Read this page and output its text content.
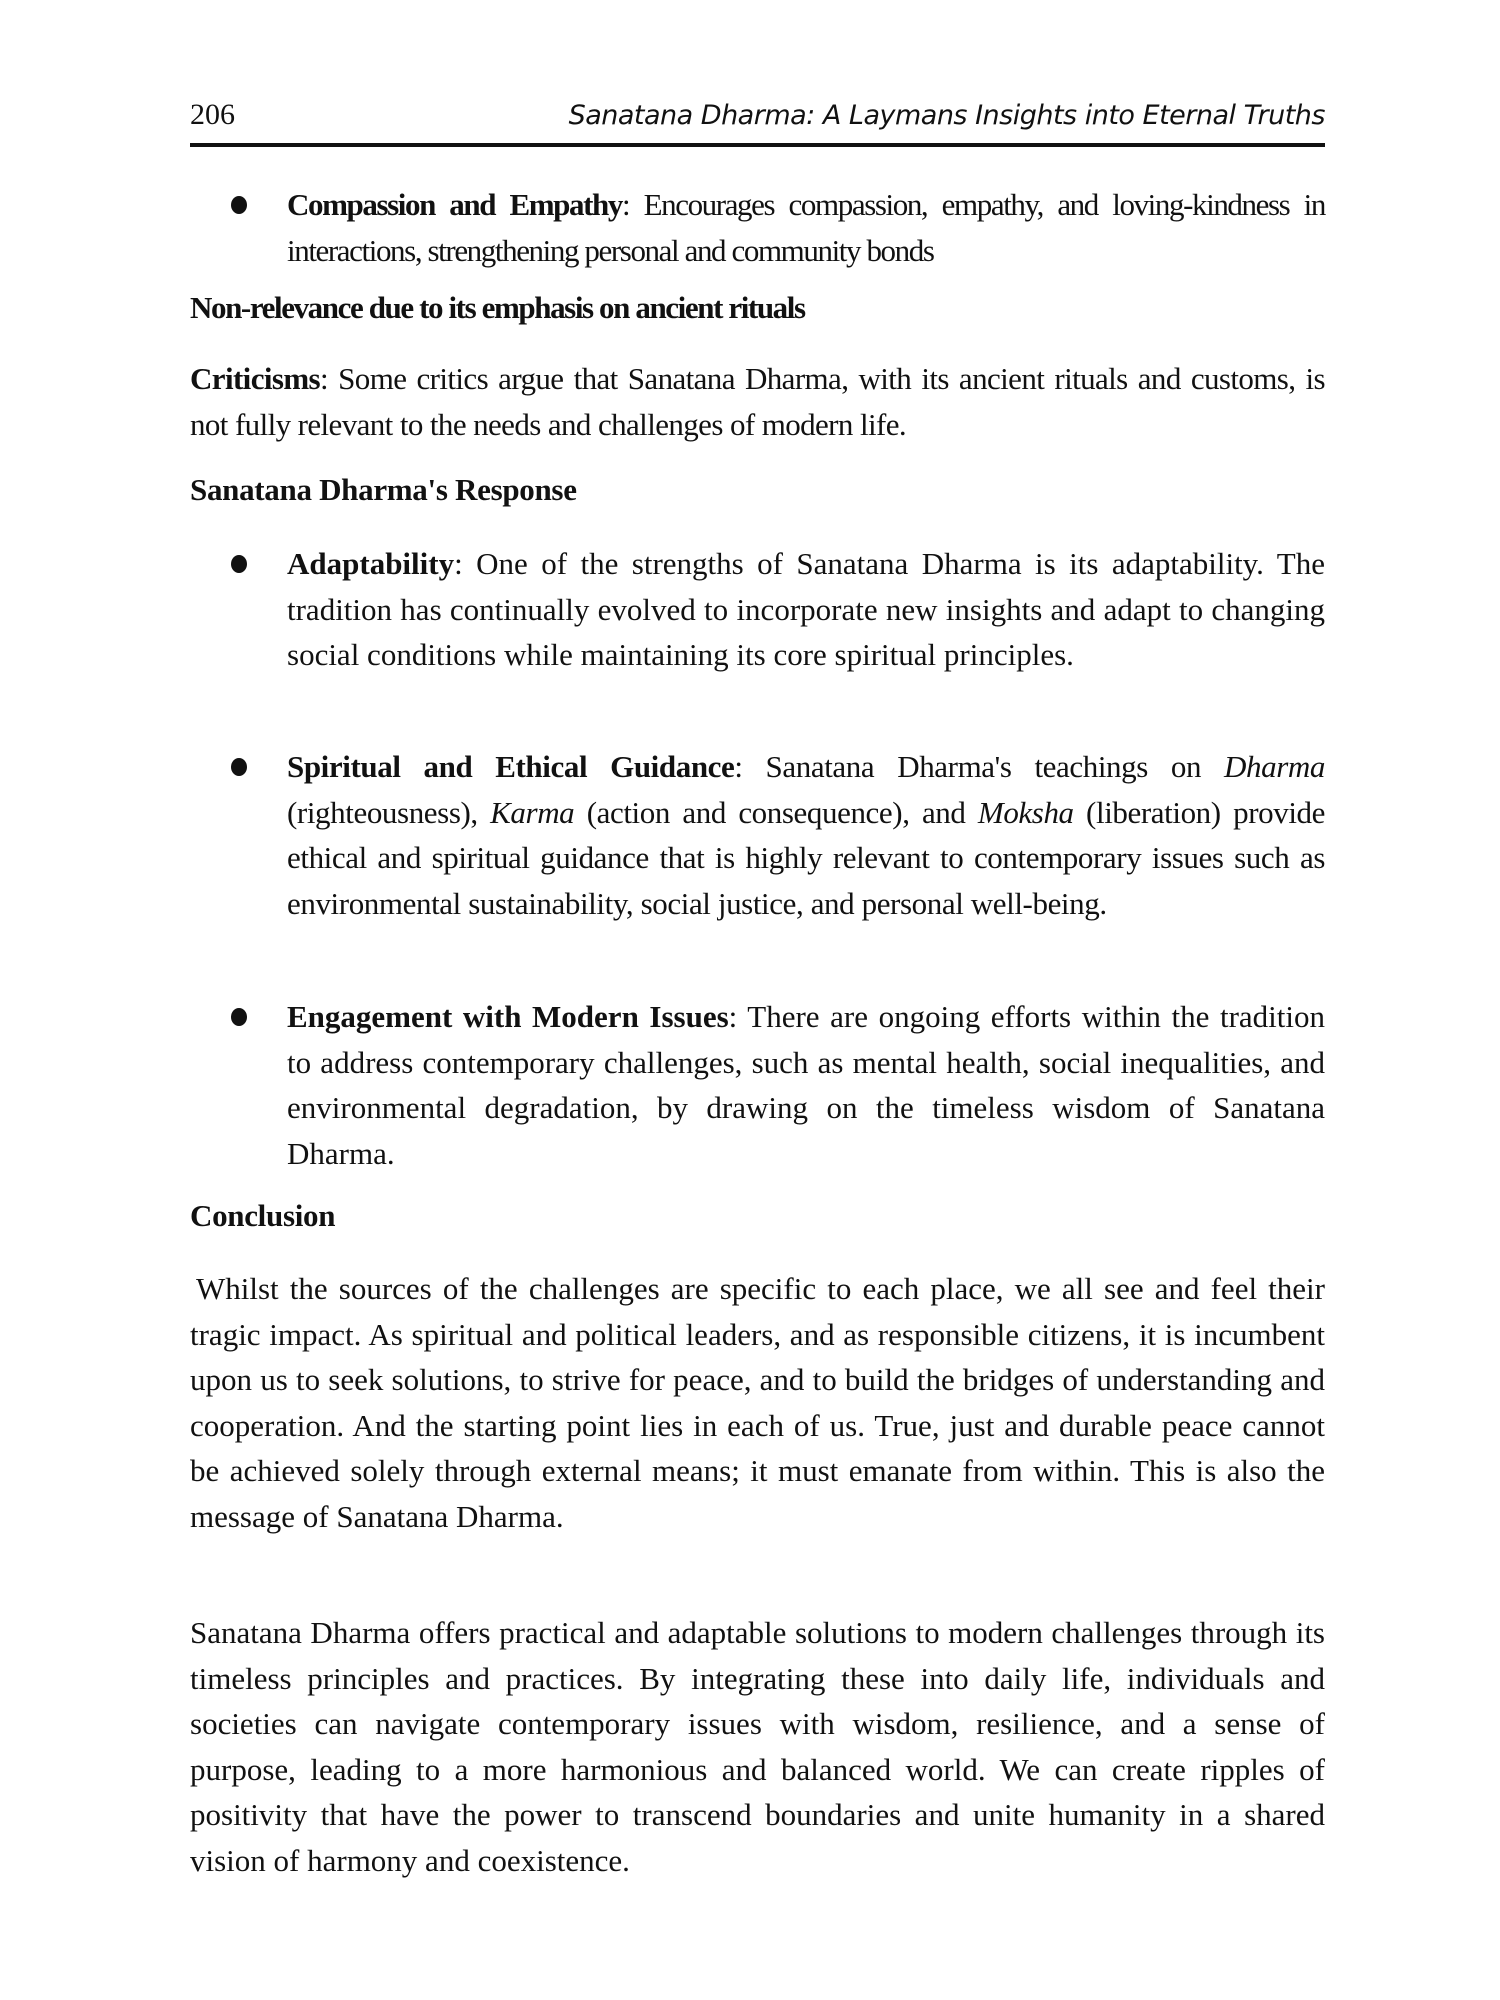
206	Sanatana Dharma: A Laymans Insights into Eternal Truths
Compassion and Empathy: Encourages compassion, empathy, and loving-kindness in interactions, strengthening personal and community bonds
Non-relevance due to its emphasis on ancient rituals
Criticisms: Some critics argue that Sanatana Dharma, with its ancient rituals and customs, is not fully relevant to the needs and challenges of modern life.
Sanatana Dharma's Response
Adaptability: One of the strengths of Sanatana Dharma is its adaptability. The tradition has continually evolved to incorporate new insights and adapt to changing social conditions while maintaining its core spiritual principles.
Spiritual and Ethical Guidance: Sanatana Dharma's teachings on Dharma (righteousness), Karma (action and consequence), and Moksha (liberation) provide ethical and spiritual guidance that is highly relevant to contemporary issues such as environmental sustainability, social justice, and personal well-being.
Engagement with Modern Issues: There are ongoing efforts within the tradition to address contemporary challenges, such as mental health, social inequalities, and environmental degradation, by drawing on the timeless wisdom of Sanatana Dharma.
Conclusion
Whilst the sources of the challenges are specific to each place, we all see and feel their tragic impact. As spiritual and political leaders, and as responsible citizens, it is incumbent upon us to seek solutions, to strive for peace, and to build the bridges of understanding and cooperation. And the starting point lies in each of us. True, just and durable peace cannot be achieved solely through external means; it must emanate from within. This is also the message of Sanatana Dharma.
Sanatana Dharma offers practical and adaptable solutions to modern challenges through its timeless principles and practices. By integrating these into daily life, individuals and societies can navigate contemporary issues with wisdom, resilience, and a sense of purpose, leading to a more harmonious and balanced world. We can create ripples of positivity that have the power to transcend boundaries and unite humanity in a shared vision of harmony and coexistence.
